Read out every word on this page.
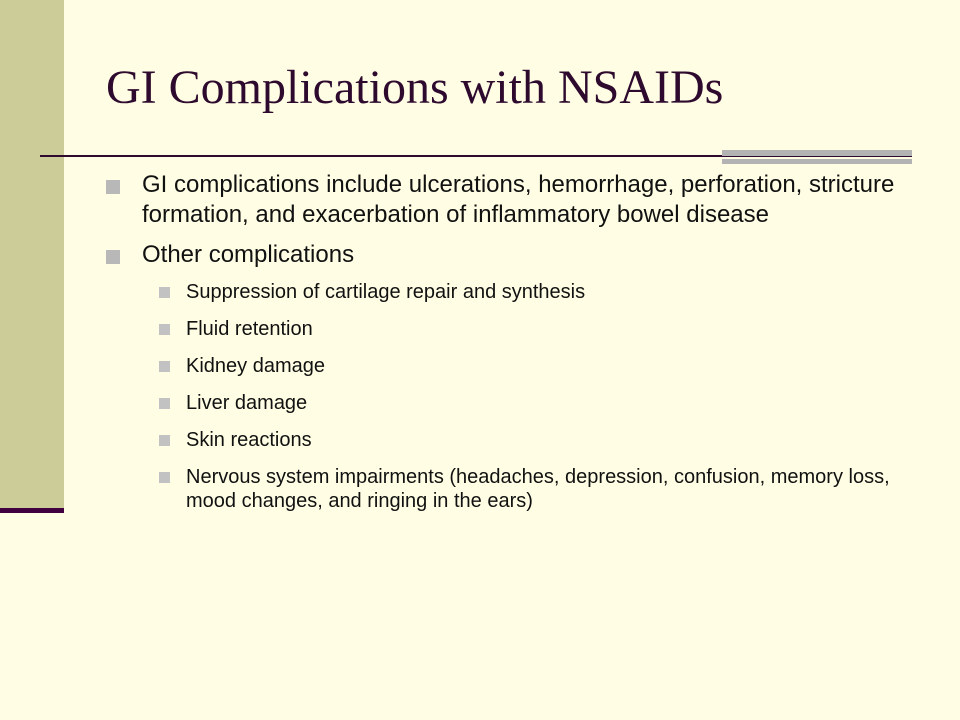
GI Complications with NSAIDs
GI complications include ulcerations, hemorrhage, perforation, stricture formation, and exacerbation of inflammatory bowel disease
Other complications
Suppression of cartilage repair and synthesis
Fluid retention
Kidney damage
Liver damage
Skin reactions
Nervous system impairments (headaches, depression, confusion, memory loss, mood changes, and ringing in the ears)
